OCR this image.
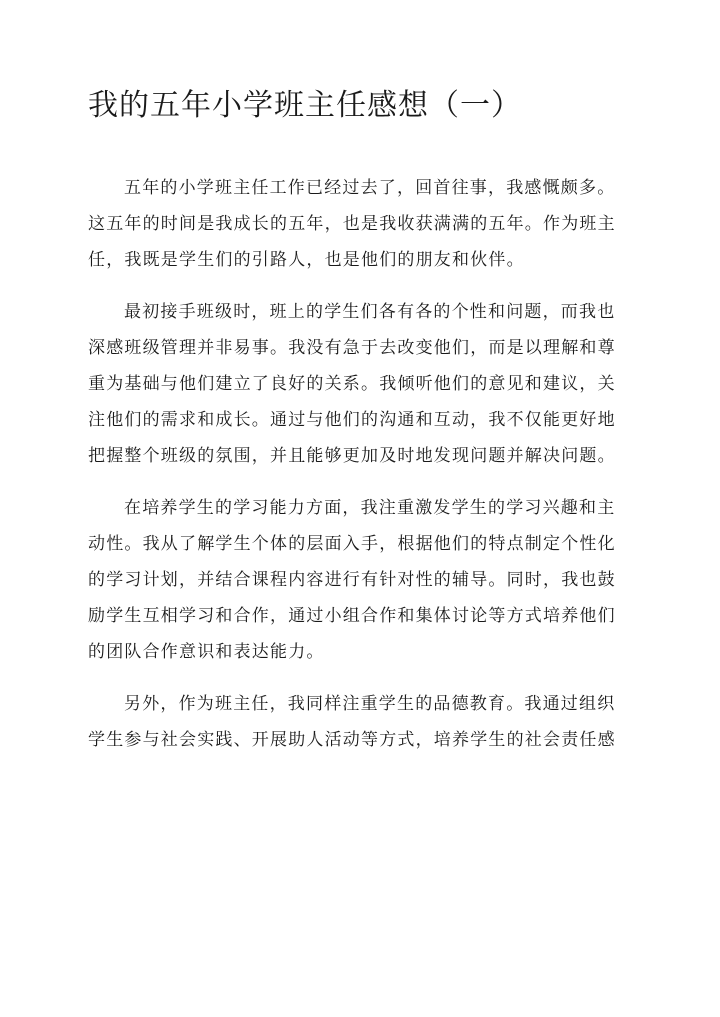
我的五年小学班主任感想（一）

五年的小学班主任工作已经过去了，回首往事，我感慨颇多。
这五年的时间是我成长的五年，也是我收获满满的五年。作为班主
任，我既是学生们的引路人，也是他们的朋友和伙伴。

最初接手班级时，班上的学生们各有各的个性和问题，而我也
深感班级管理并非易事。我没有急于去改变他们，而是以理解和尊
重为基础与他们建立了良好的关系。我倾听他们的意见和建议，关
注他们的需求和成长。通过与他们的沟通和互动，我不仅能更好地
把握整个班级的氛围，并且能够更加及时地发现问题并解决问题。

在培养学生的学习能力方面，我注重激发学生的学习兴趣和主
动性。我从了解学生个体的层面入手，根据他们的特点制定个性化
的学习计划，并结合课程内容进行有针对性的辅导。同时，我也鼓
励学生互相学习和合作，通过小组合作和集体讨论等方式培养他们
的团队合作意识和表达能力。

另外，作为班主任，我同样注重学生的品德教育。我通过组织
学生参与社会实践、开展助人活动等方式，培养学生的社会责任感
